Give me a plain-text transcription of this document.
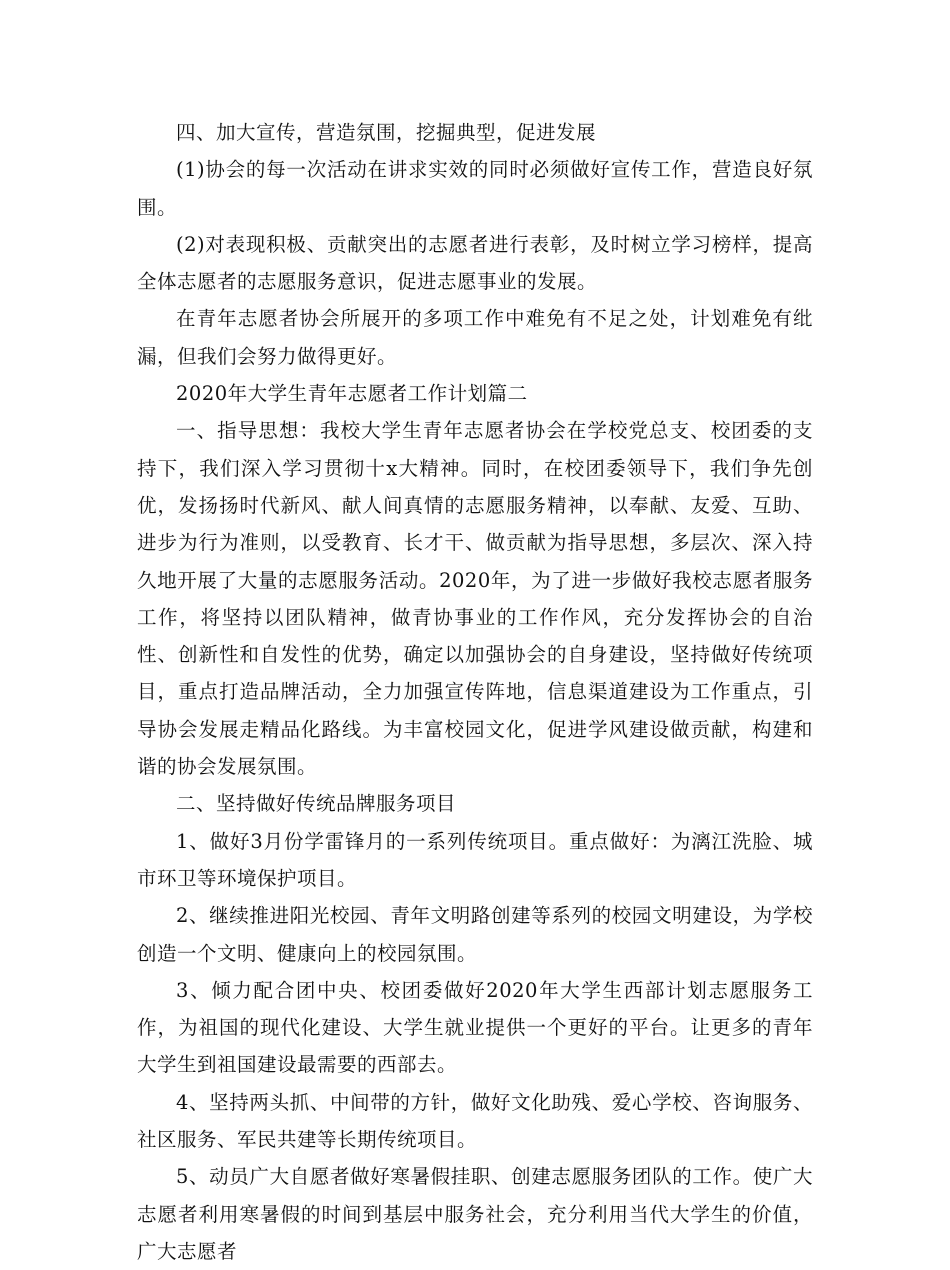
四、加大宣传，营造氛围，挖掘典型，促进发展

(1)协会的每一次活动在讲求实效的同时必须做好宣传工作，营造良好氛围。

(2)对表现积极、贡献突出的志愿者进行表彰，及时树立学习榜样，提高全体志愿者的志愿服务意识，促进志愿事业的发展。

在青年志愿者协会所展开的多项工作中难免有不足之处，计划难免有纰漏，但我们会努力做得更好。

2020年大学生青年志愿者工作计划篇二

一、指导思想：我校大学生青年志愿者协会在学校党总支、校团委的支持下，我们深入学习贯彻十x大精神。同时，在校团委领导下，我们争先创优，发扬扬时代新风、献人间真情的志愿服务精神，以奉献、友爱、互助、进步为行为准则，以受教育、长才干、做贡献为指导思想，多层次、深入持久地开展了大量的志愿服务活动。2020年，为了进一步做好我校志愿者服务工作，将坚持以团队精神，做青协事业的工作作风，充分发挥协会的自治性、创新性和自发性的优势，确定以加强协会的自身建设，坚持做好传统项目，重点打造品牌活动，全力加强宣传阵地，信息渠道建设为工作重点，引导协会发展走精品化路线。为丰富校园文化，促进学风建设做贡献，构建和谐的协会发展氛围。

二、坚持做好传统品牌服务项目

1、做好3月份学雷锋月的一系列传统项目。重点做好：为漓江洗脸、城市环卫等环境保护项目。

2、继续推进阳光校园、青年文明路创建等系列的校园文明建设，为学校创造一个文明、健康向上的校园氛围。

3、倾力配合团中央、校团委做好2020年大学生西部计划志愿服务工作，为祖国的现代化建设、大学生就业提供一个更好的平台。让更多的青年大学生到祖国建设最需要的西部去。

4、坚持两头抓、中间带的方针，做好文化助残、爱心学校、咨询服务、社区服务、军民共建等长期传统项目。

5、动员广大自愿者做好寒暑假挂职、创建志愿服务团队的工作。使广大志愿者利用寒暑假的时间到基层中服务社会，充分利用当代大学生的价值，广大志愿者
